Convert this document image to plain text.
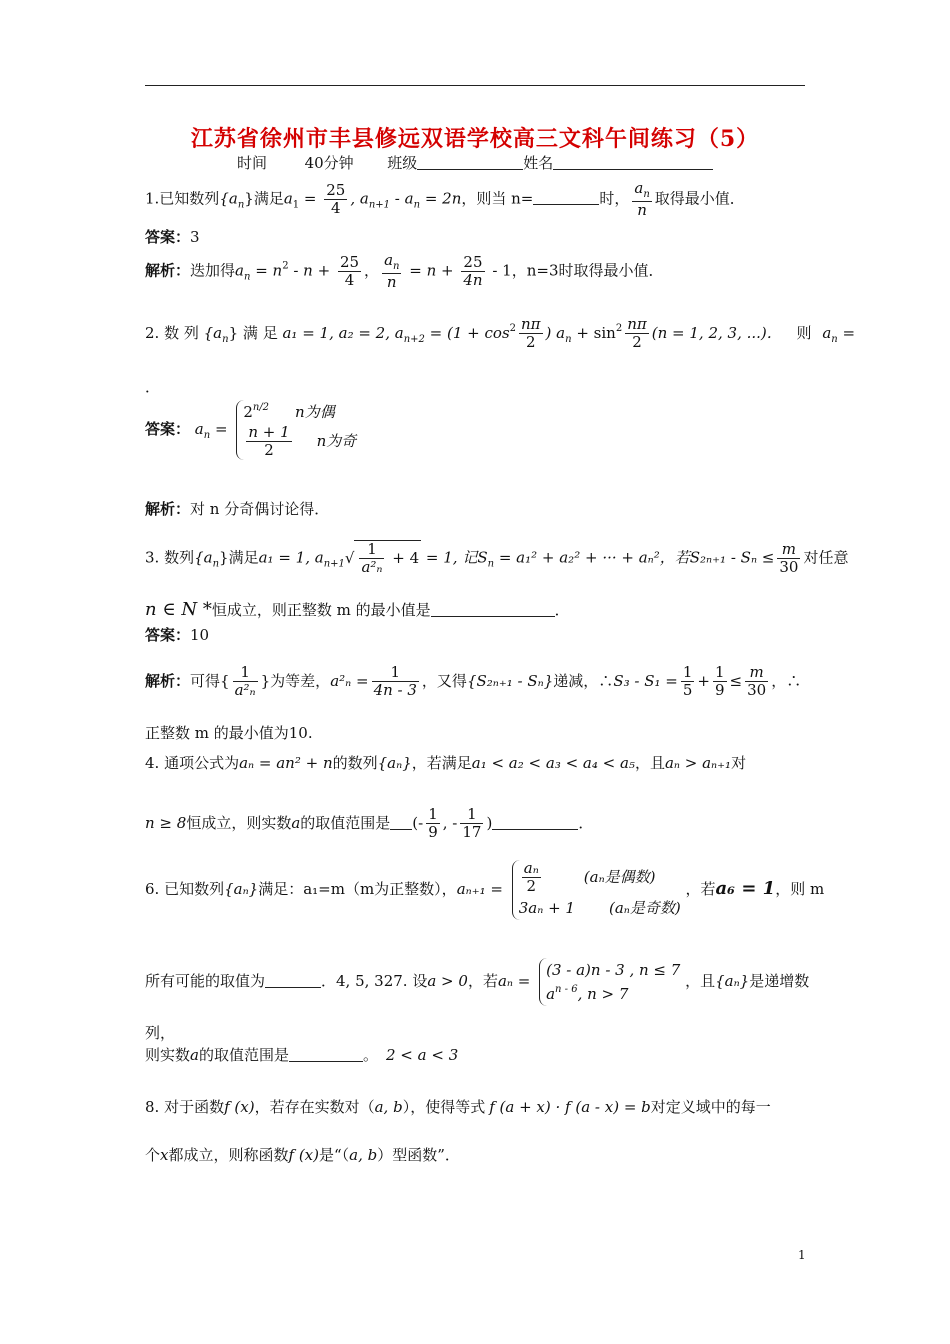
江苏省徐州市丰县修远双语学校高三文科午间练习（5）
时间	40分钟 班级	姓名
1.已知数列$\{a_n\}$满足$a_1 = \frac{25}{4}$ , $a_{n+1} - a_n = 2n$，则当 n=	时， $\frac{a_n}{n}$ 取得最小值．
答案：3
解析：迭加得$a_n = n^2 - n + \frac{25}{4}$ ， $\frac{a_n}{n} = n + \frac{25}{4n} - 1$，n=3时取得最小值．
2. 数 列 $\{a_n\}$ 满 足 a₁ = 1, a₂ = 2, $a_{n+2} = (1 + \cos^2 \frac{n\pi}{2}$ ) $a_n + \sin^2 \frac{n\pi}{2} (n = 1$, 2, 3, ...)． 则 $a_n$ =
．
答案： $a_n$ =
$2^{n/2}$ n为偶
$\frac{n + 1}{2}$ n为奇
解析：对 n 分奇偶讨论得．
3. 数列$\{a_n\}$满足a₁ = 1, $a_{n+1}√ \frac{1}{\text{a²ₙ}} + 4 = 1$, 记$S_n = a_1^2 + a_2^2$ + ··· + aₙ²，若$S_{2n+1} - S_n \le \frac{m}{30}$ 对任意
n ∈ N *恒成立，则正整数 m 的最小值是	．
答案：10
解析：可得{ $\frac{1}{\text{a²ₙ}}$ }为等差，$a^2_n = \frac{1}{4n - 3}$ ，又得{S₂ₙ₊₁ - Sₙ}递减，∴S₃ - $S_1 = \frac{1}{5} + \frac{1}{9} \le \frac{m}{30}$ ，∴
正整数 m 的最小值为10.
4. 通项公式为aₙ = an² + n的数列{aₙ}，若满足a₁ < a₂ < a₃ < a₄ < a₅，且aₙ > aₙ₊₁对
n ≥ 8恒成立，则实数a的取值范围是 (- $\frac{1}{9}$ , - $\frac{1}{17}$ )	．
6. 已知数列{aₙ}满足：a₁=m（m为正整数），$a_{n+1} = \frac{\text{aₙ}}{2}$	(aₙ是偶数)
3aₙ + 1 (aₙ是奇数)
，若a₆ = 1，则 m
所有可能的取值为	．4, 5, 327. 设a > 0，若aₙ =
(3 - a)n - 3 , n ≤ 7
$a^{n - 6}$, n > 7
，且{aₙ}是递增数
列，
则实数a的取值范围是	。 2 < a < 3
8. 对于函数f (x)，若存在实数对（a, b），使得等式 f (a + x) · f (a - x) = b对定义域中的每一
个x都成立，则称函数f (x)是“（a, b）型函数”．
1
